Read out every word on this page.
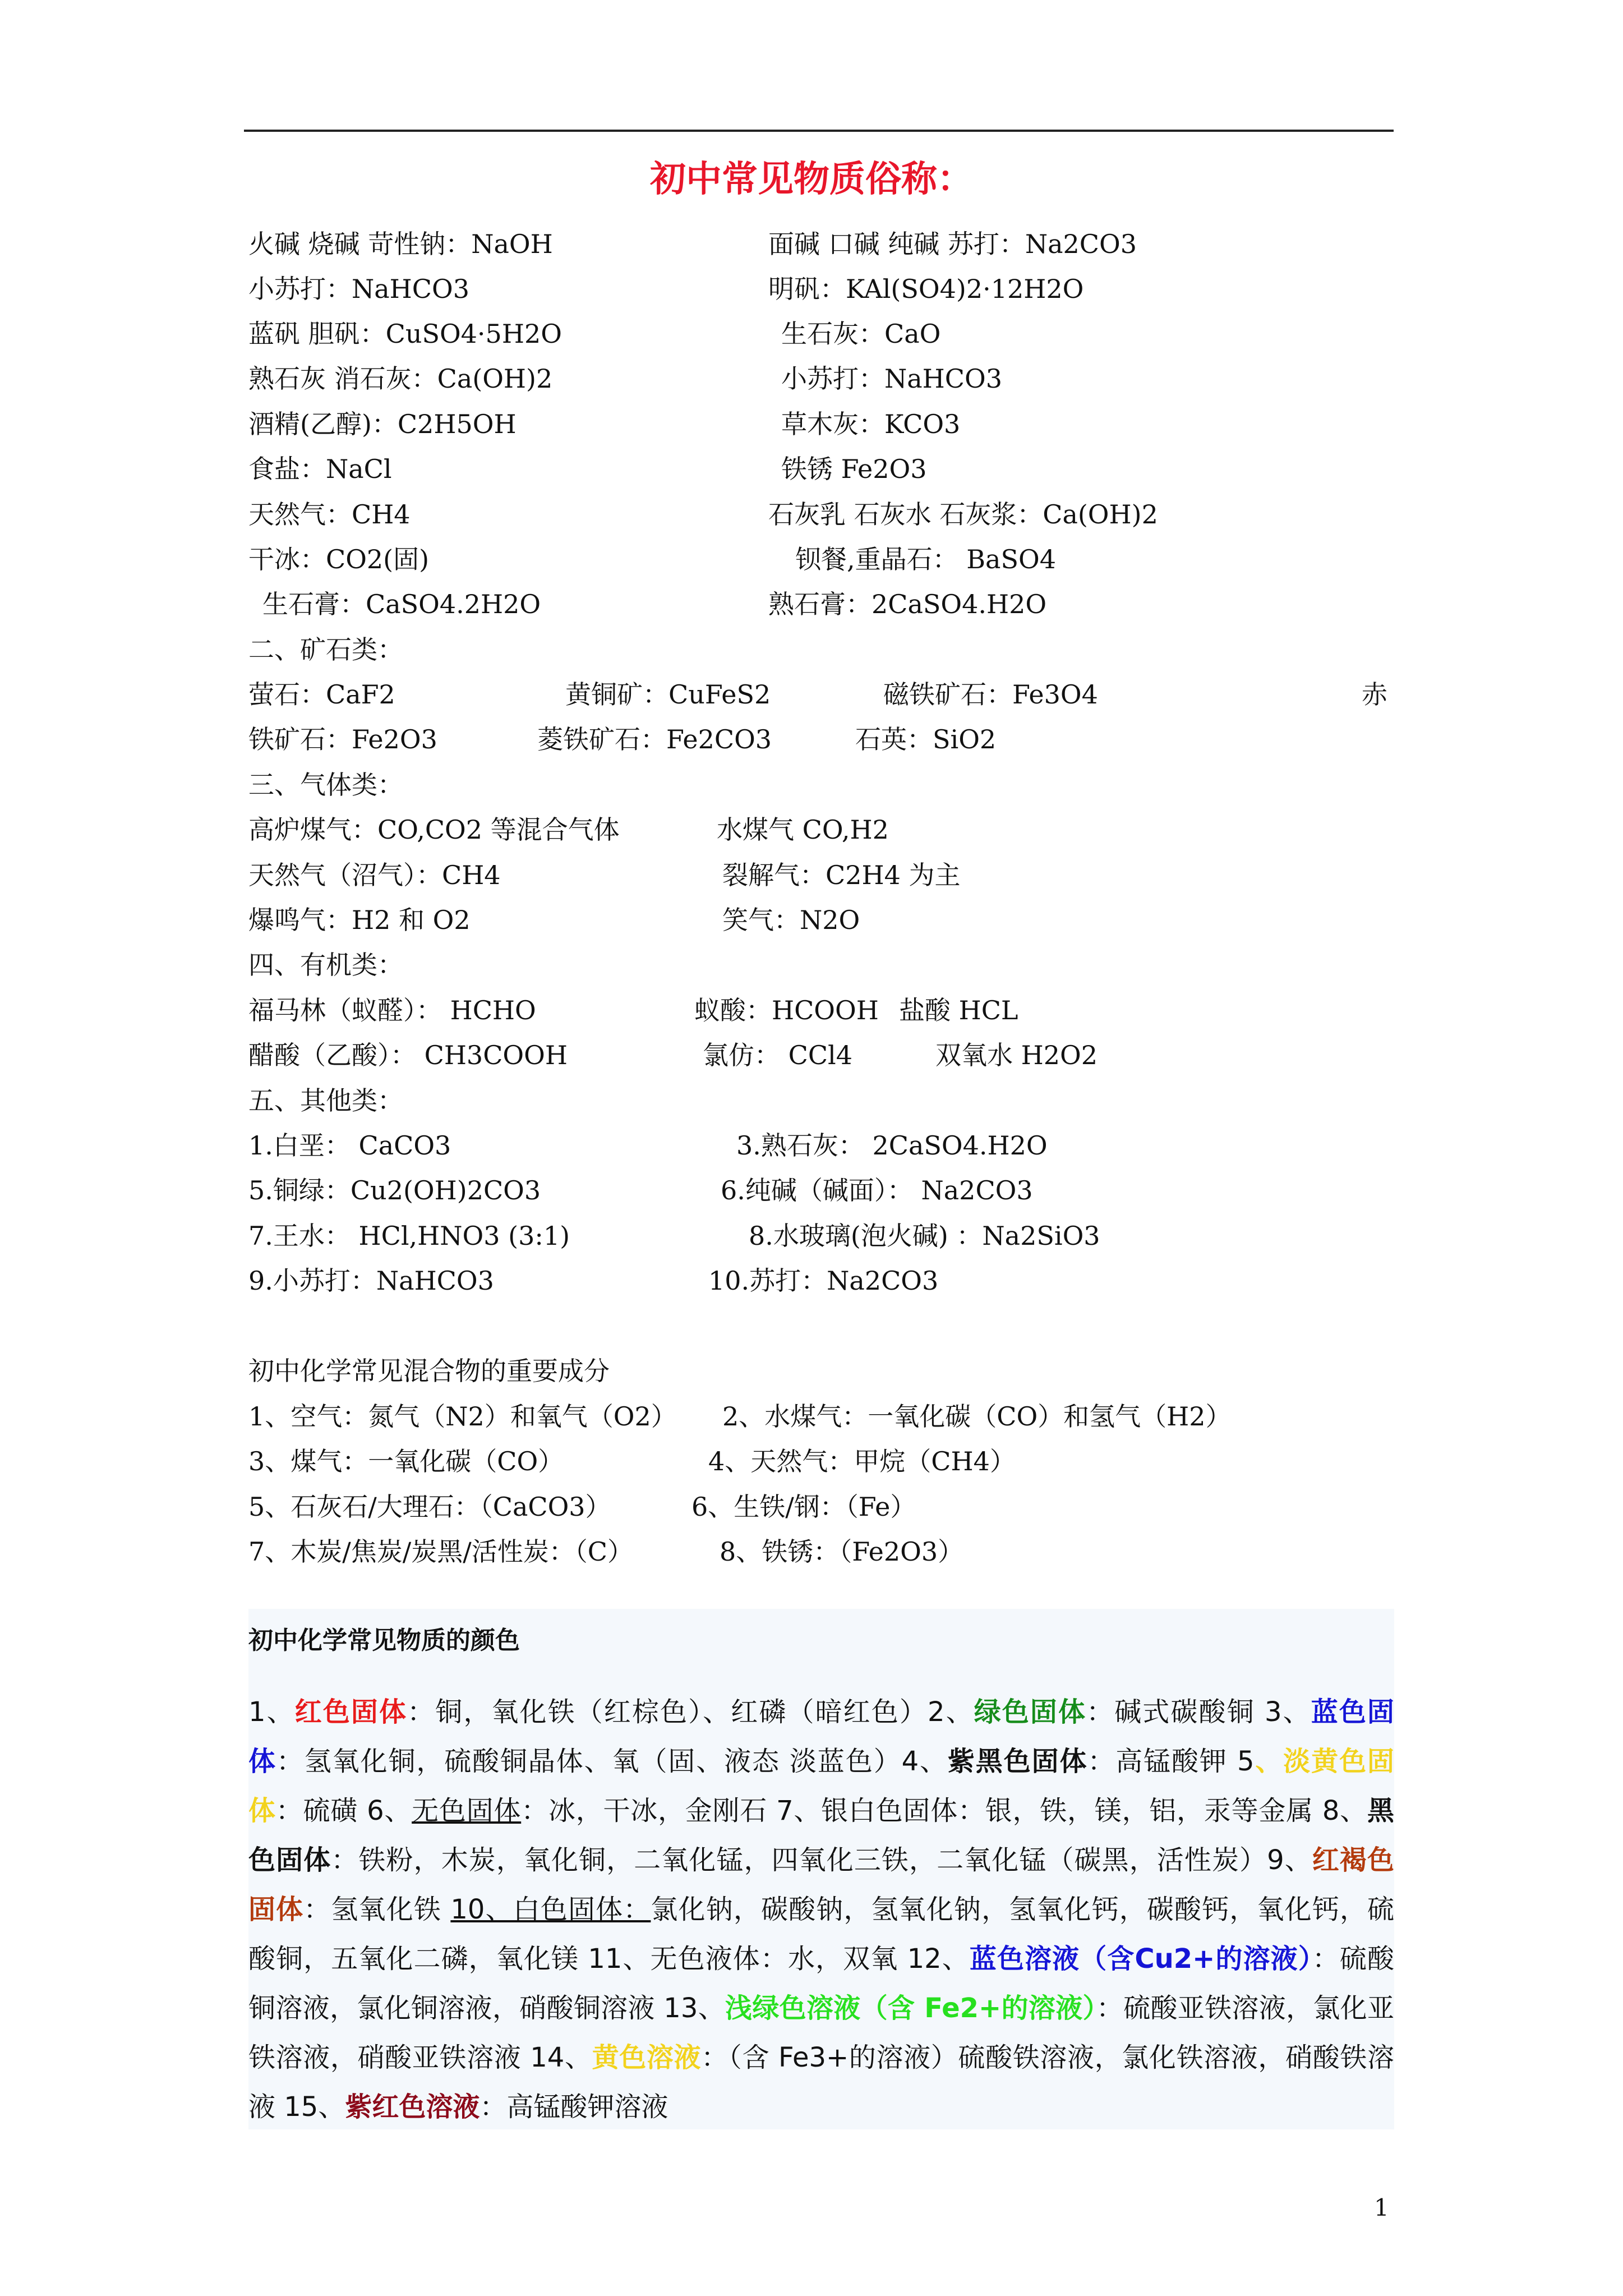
初中常见物质俗称：
火碱 烧碱 苛性钠：NaOH	面碱 口碱 纯碱 苏打：Na2CO3
小苏打：NaHCO3	明矾：KAl(SO4)2·12H2O
蓝矾 胆矾：CuSO4·5H2O	生石灰：CaO
熟石灰 消石灰：Ca(OH)2	小苏打：NaHCO3
酒精(乙醇)：C2H5OH	草木灰：KCO3
食盐：NaCl	铁锈 Fe2O3
天然气：CH4	石灰乳 石灰水 石灰浆：Ca(OH)2
干冰：CO2(固)	钡餐,重晶石： BaSO4
生石膏：CaSO4.2H2O	熟石膏：2CaSO4.H2O
二、矿石类：
萤石：CaF2	黄铜矿：CuFeS2	磁铁矿石：Fe3O4	赤
铁矿石：Fe2O3	菱铁矿石：Fe2CO3	石英：SiO2
三、气体类：
高炉煤气：CO,CO2 等混合气体	水煤气 CO,H2
天然气（沼气）：CH4	裂解气：C2H4 为主
爆鸣气：H2 和 O2	笑气：N2O
四、有机类：
福马林（蚁醛）： HCHO	蚁酸：HCOOH 盐酸 HCL
醋酸（乙酸）： CH3COOH	氯仿： CCl4	双氧水 H2O2
五、其他类：
1.白垩： CaCO3	3.熟石灰： 2CaSO4.H2O
5.铜绿：Cu2(OH)2CO3	6.纯碱（碱面）： Na2CO3
7.王水： HCl,HNO3 (3:1)	8.水玻璃(泡火碱) ：Na2SiO3
9.小苏打：NaHCO3	10.苏打：Na2CO3
初中化学常见混合物的重要成分
1、空气：氮气（N2）和氧气（O2） 2、水煤气：一氧化碳（CO）和氢气（H2）
3、煤气：一氧化碳（CO）	4、天然气：甲烷（CH4）
5、石灰石/大理石：（CaCO3）	6、生铁/钢：（Fe）
7、木炭/焦炭/炭黑/活性炭：（C）	8、铁锈：（Fe2O3）
初中化学常见物质的颜色
1、红色固体：铜，氧化铁（红棕色）、红磷（暗红色）2、绿色固体：碱式碳酸铜 3、蓝色固体：氢氧化铜，硫酸铜晶体、氧（固、液态 淡蓝色）4、紫黑色固体：高锰酸钾 5、淡黄色固体：硫磺 6、无色固体：冰，干冰，金刚石 7、银白色固体：银，铁，镁，铝，汞等金属 8、黑色固体：铁粉，木炭，氧化铜，二氧化锰，四氧化三铁，二氧化锰（碳黑，活性炭）9、红褐色固体：氢氧化铁 10、白色固体：氯化钠，碳酸钠，氢氧化钠，氢氧化钙，碳酸钙，氧化钙，硫酸铜，五氧化二磷，氧化镁 11、无色液体：水，双氧 12、蓝色溶液（含Cu2+的溶液）：硫酸铜溶液，氯化铜溶液，硝酸铜溶液 13、浅绿色溶液（含 Fe2+的溶液）：硫酸亚铁溶液，氯化亚铁溶液，硝酸亚铁溶液 14、黄色溶液：（含 Fe3+的溶液）硫酸铁溶液，氯化铁溶液，硝酸铁溶液 15、紫红色溶液：高锰酸钾溶液
1
